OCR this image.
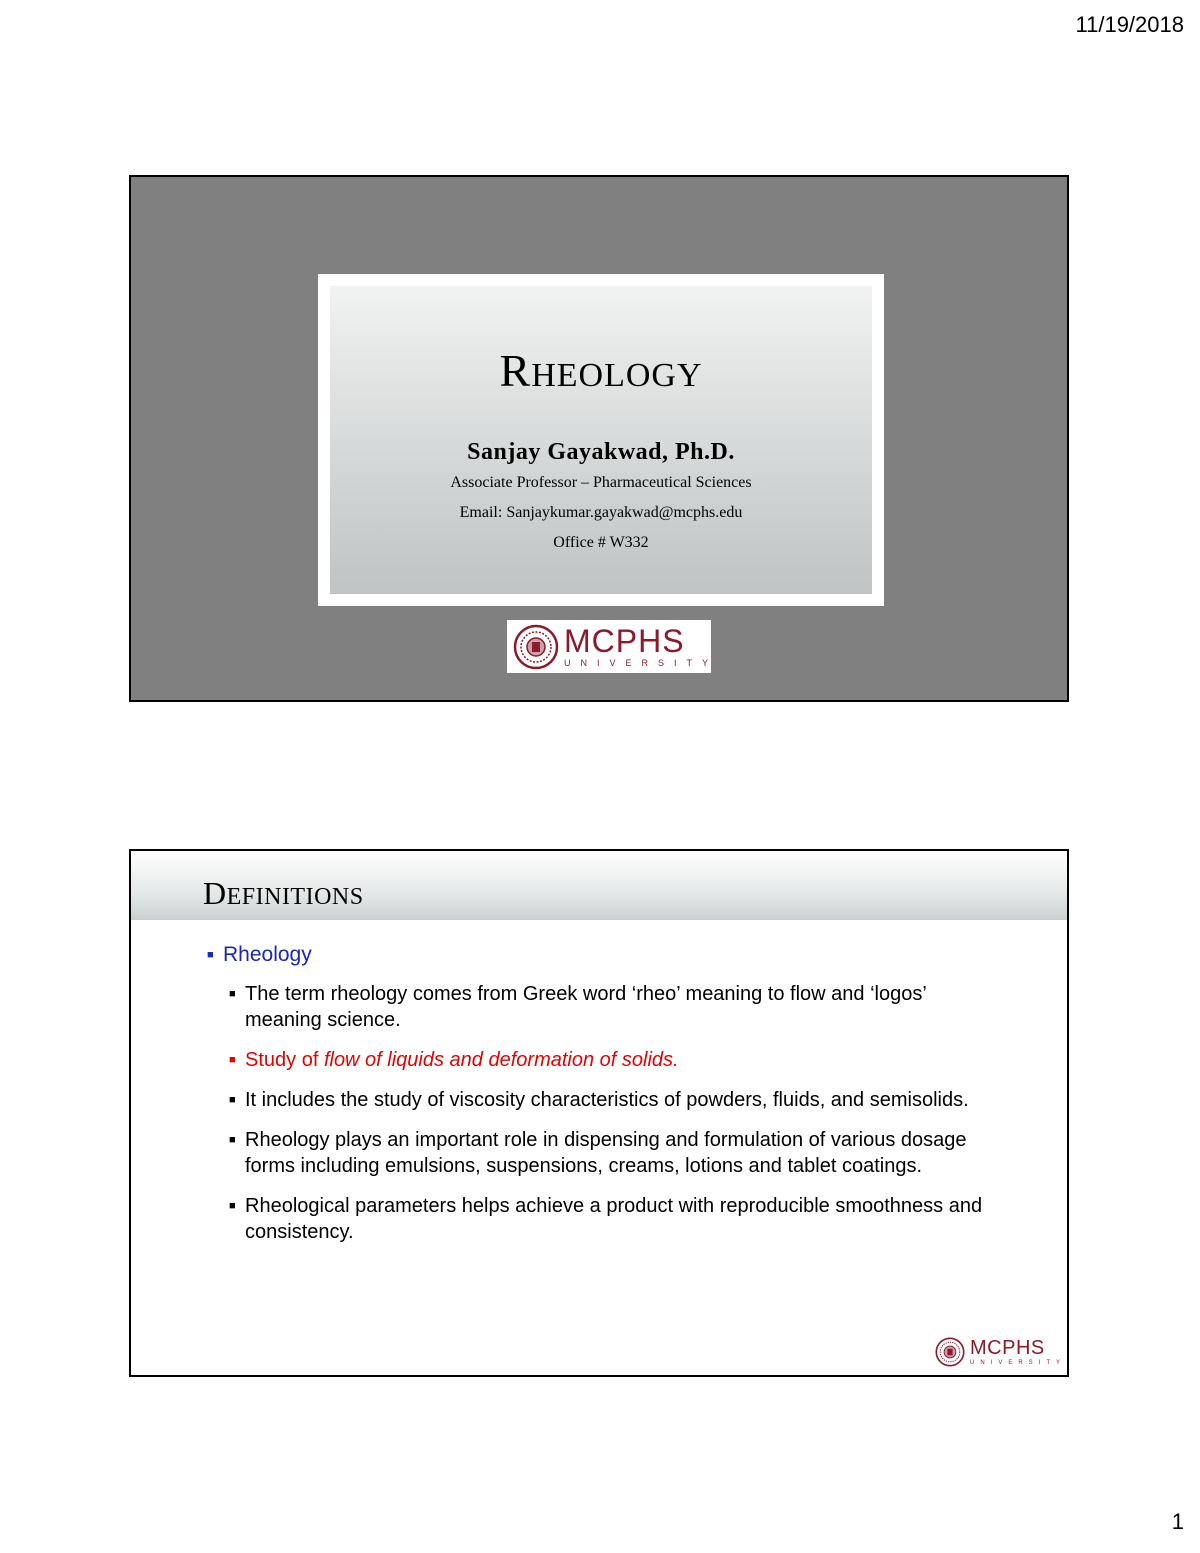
11/19/2018
RHEOLOGY
Sanjay Gayakwad, Ph.D.
Associate Professor – Pharmaceutical Sciences
Email: Sanjaykumar.gayakwad@mcphs.edu
Office # W332
MCPHS
UNIVERSITY
DEFINITIONS
■ Rheology
■ The term rheology comes from Greek word ‘rheo’ meaning to flow and ‘logos’ meaning science.
■ Study of flow of liquids and deformation of solids.
■ It includes the study of viscosity characteristics of powders, fluids, and semisolids.
■ Rheology plays an important role in dispensing and formulation of various dosage forms including emulsions, suspensions, creams, lotions and tablet coatings.
■ Rheological parameters helps achieve a product with reproducible smoothness and consistency.
MCPHS
UNIVERSITY
1
